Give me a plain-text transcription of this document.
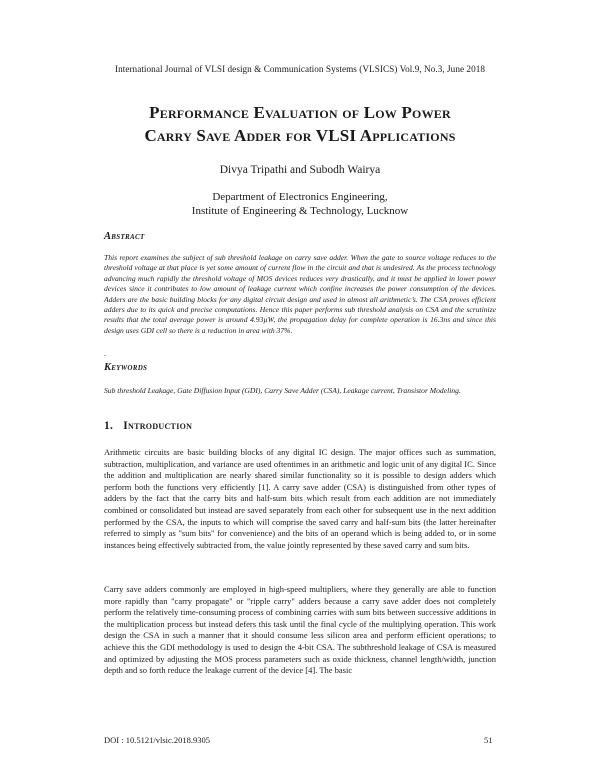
International Journal of VLSI design & Communication Systems (VLSICS) Vol.9, No.3, June 2018
Performance Evaluation of Low Power
Carry Save Adder for VLSI Applications
Divya Tripathi and Subodh Wairya
Department of Electronics Engineering,
Institute of Engineering & Technology, Lucknow
Abstract

This report examines the subject of sub threshold leakage on carry save adder. When the gate to source voltage reduces to the threshold voltage at that place is yet some amount of current flow in the circuit and that is undesired. As the process technology advancing much rapidly the threshold voltage of MOS devices reduces very drastically, and it must be applied in lower power devices since it contributes to low amount of leakage current which confine increases the power consumption of the devices. Adders are the basic building blocks for any digital circuit design and used in almost all arithmetic’s. The CSA proves efficient adders due to its quick and precise computations. Hence this paper performs sub threshold analysis on CSA and the scrutinize results that the total average power is around 4.93µW, the propagation delay for complete operation is 16.3ns and since this design uses GDI cell so there is a reduction in area with 37%.

.
Keywords

Sub threshold Leakage, Gate Diffusion Input (GDI), Carry Save Adder (CSA), Leakage current, Transistor Modeling.

1. Introduction

Arithmetic circuits are basic building blocks of any digital IC design. The major offices such as summation, subtraction, multiplication, and variance are used oftentimes in an arithmetic and logic unit of any digital IC. Since the addition and multiplication are nearly shared similar functionality so it is possible to design adders which perform both the functions very efficiently [1]. A carry save adder (CSA) is distinguished from other types of adders by the fact that the carry bits and half-sum bits which result from each addition are not immediately combined or consolidated but instead are saved separately from each other for subsequent use in the next addition performed by the CSA, the inputs to which will comprise the saved carry and half-sum bits (the latter hereinafter referred to simply as "sum bits" for convenience) and the bits of an operand which is being added to, or in some instances being effectively subtracted from, the value jointly represented by these saved carry and sum bits.

Carry save adders commonly are employed in high-speed multipliers, where they generally are able to function more rapidly than "carry propagate" or "ripple carry" adders because a carry save adder does not completely perform the relatively time-consuming process of combining carries with sum bits between successive additions in the multiplication process but instead defers this task until the final cycle of the multiplying operation. This work design the CSA in such a manner that it should consume less silicon area and perform efficient operations; to achieve this the GDI methodology is used to design the 4-bit CSA. The subthreshold leakage of CSA is measured and optimized by adjusting the MOS process parameters such as oxide thickness, channel length/width, junction depth and so forth reduce the leakage current of the device [4]. The basic

DOI : 10.5121/vlsic.2018.9305	51
